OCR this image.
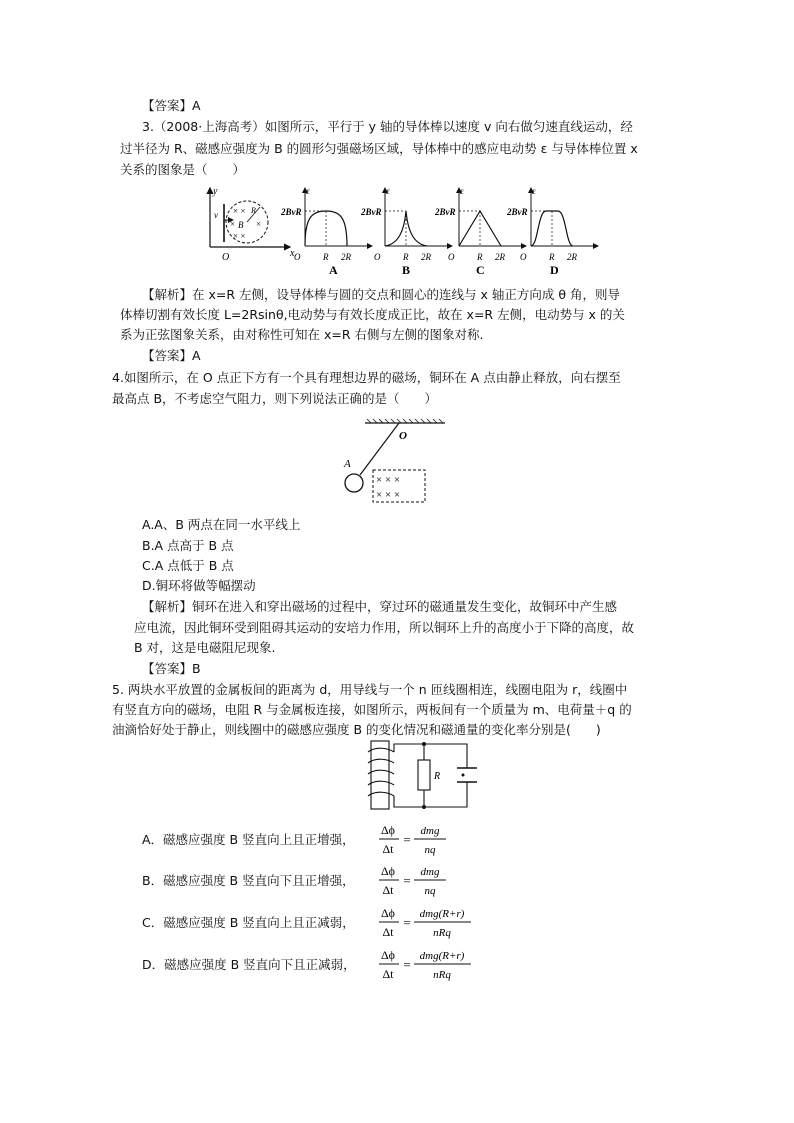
【答案】A
3.（2008·上海高考）如图所示，平行于 y 轴的导体棒以速度 v 向右做匀速直线运动，经
过半径为 R、磁感应强度为 B 的圆形匀强磁场区域，导体棒中的感应电动势 ε 与导体棒位置 x
关系的图象是（　　）
y
x
O
v × ×
× B ×
× ×
R
ε
2BvR
O	R 2R
A
ε
2BvR
O	R 2R
B
ε
2BvR
O	R 2R
C
ε
2BvR
O	R 2R
D
【解析】在 x=R 左侧，设导体棒与圆的交点和圆心的连线与 x 轴正方向成 θ 角，则导
体棒切割有效长度 L=2Rsinθ,电动势与有效长度成正比，故在 x=R 左侧，电动势与 x 的关
系为正弦图象关系，由对称性可知在 x=R 右侧与左侧的图象对称.
【答案】A
4.如图所示，在 O 点正下方有一个具有理想边界的磁场，铜环在 A 点由静止释放，向右摆至
最高点 B，不考虑空气阻力，则下列说法正确的是（　　）
O
A
× × ×
× × ×
A.A、B 两点在同一水平线上
B.A 点高于 B 点
C.A 点低于 B 点
D.铜环将做等幅摆动
【解析】铜环在进入和穿出磁场的过程中，穿过环的磁通量发生变化，故铜环中产生感
应电流，因此铜环受到阻碍其运动的安培力作用，所以铜环上升的高度小于下降的高度，故
B 对，这是电磁阻尼现象.
【答案】B
5. 两块水平放置的金属板间的距离为 d，用导线与一个 n 匝线圈相连，线圈电阻为 r，线圈中
有竖直方向的磁场，电阻 R 与金属板连接，如图所示，两板间有一个质量为 m、电荷量＋q 的
油滴恰好处于静止，则线圈中的磁感应强度 B 的变化情况和磁通量的变化率分别是(　　)
R
A．磁感应强度 B 竖直向上且正增强，
Δϕ
Δt
=
dmg
nq
B．磁感应强度 B 竖直向下且正增强，
Δϕ
Δt
=
dmg
nq
C．磁感应强度 B 竖直向上且正减弱，
Δϕ
Δt
=
dmg(R+r)
nRq
D．磁感应强度 B 竖直向下且正减弱，
Δϕ
Δt
=
dmg(R+r)
nRq
